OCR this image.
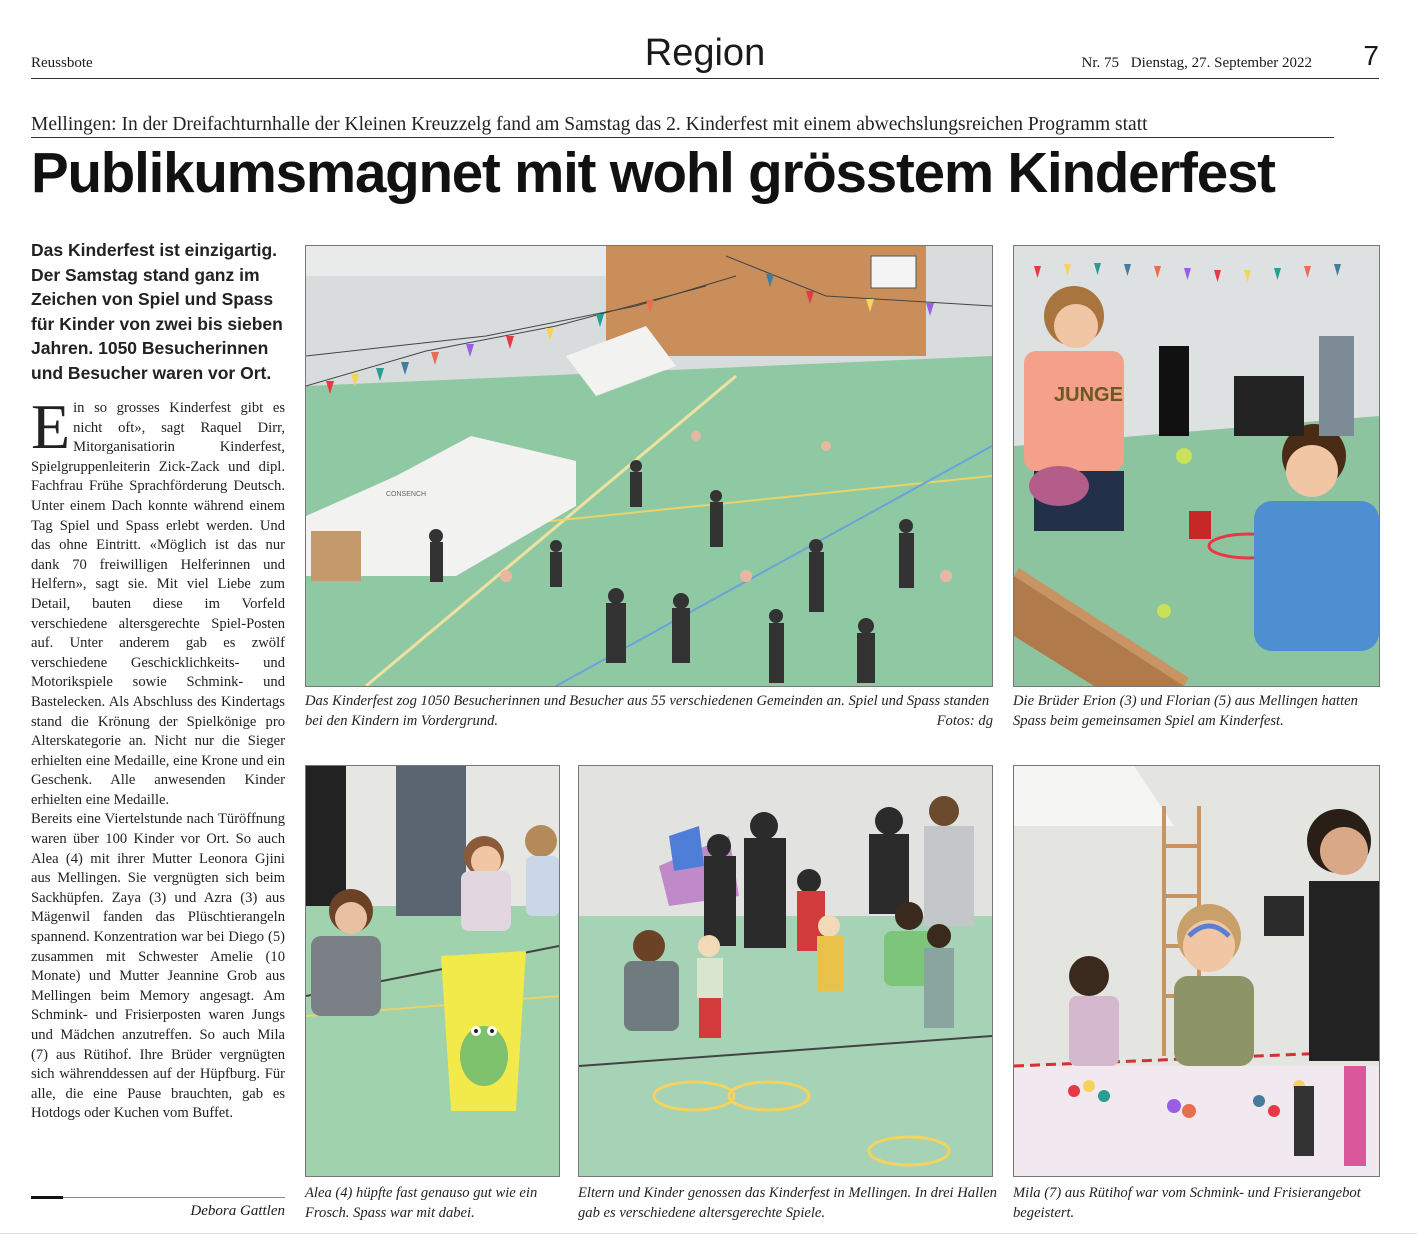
Reussbote	Region	Nr. 75 Dienstag, 27. September 2022 7
Mellingen: In der Dreifachturnhalle der Kleinen Kreuzzelg fand am Samstag das 2. Kinderfest mit einem abwechslungsreichen Programm statt
Publikumsmagnet mit wohl grösstem Kinderfest
Das Kinderfest ist einzigartig. Der Samstag stand ganz im Zeichen von Spiel und Spass für Kinder von zwei bis sieben Jahren. 1050 Besucherinnen und Besucher waren vor Ort.
E in so grosses Kinderfest gibt es nicht oft», sagt Raquel Dirr, Mitorganisatiorin Kinderfest, Spielgruppenleiterin Zick-Zack und dipl. Fachfrau Frühe Sprachförderung Deutsch. Unter einem Dach konnte während einem Tag Spiel und Spass erlebt werden. Und das ohne Eintritt. «Möglich ist das nur dank 70 freiwilligen Helferinnen und Helfern», sagt sie. Mit viel Liebe zum Detail, bauten diese im Vorfeld verschiedene altersgerechte Spiel-Posten auf. Unter anderem gab es zwölf verschiedene Geschicklichkeits- und Motorikspiele sowie Schmink- und Bastelecken. Als Abschluss des Kindertags stand die Krönung der Spielkönige pro Alterskategorie an. Nicht nur die Sieger erhielten eine Medaille, eine Krone und ein Geschenk. Alle anwesenden Kinder erhielten eine Medaille.

Bereits eine Viertelstunde nach Türöffnung waren über 100 Kinder vor Ort. So auch Alea (4) mit ihrer Mutter Leonora Gjini aus Mellingen. Sie vergnügten sich beim Sackhüpfen. Zaya (3) und Azra (3) aus Mägenwil fanden das Plüschtierangeln spannend. Konzentration war bei Diego (5) zusammen mit Schwester Amelie (10 Monate) und Mutter Jeannine Grob aus Mellingen beim Memory angesagt. Am Schmink- und Frisierposten waren Jungs und Mädchen anzutreffen. So auch Mila (7) aus Rütihof. Ihre Brüder vergnügten sich währenddessen auf der Hüpfburg. Für alle, die eine Pause brauchten, gab es Hotdogs oder Kuchen vom Buffet.

Debora Gattlen
CONSENCH
Das Kinderfest zog 1050 Besucherinnen und Besucher aus 55 verschiedenen Gemeinden an. Spiel und Spass standen bei den Kindern im Vordergrund.	Fotos: dg
JUNGE
Die Brüder Erion (3) und Florian (5) aus Mellingen hatten Spass beim gemeinsamen Spiel am Kinderfest.
Alea (4) hüpfte fast genauso gut wie ein Frosch. Spass war mit dabei.
Eltern und Kinder genossen das Kinderfest in Mellingen. In drei Hallen gab es verschiedene altersgerechte Spiele.
Mila (7) aus Rütihof war vom Schmink- und Frisierangebot begeistert.
